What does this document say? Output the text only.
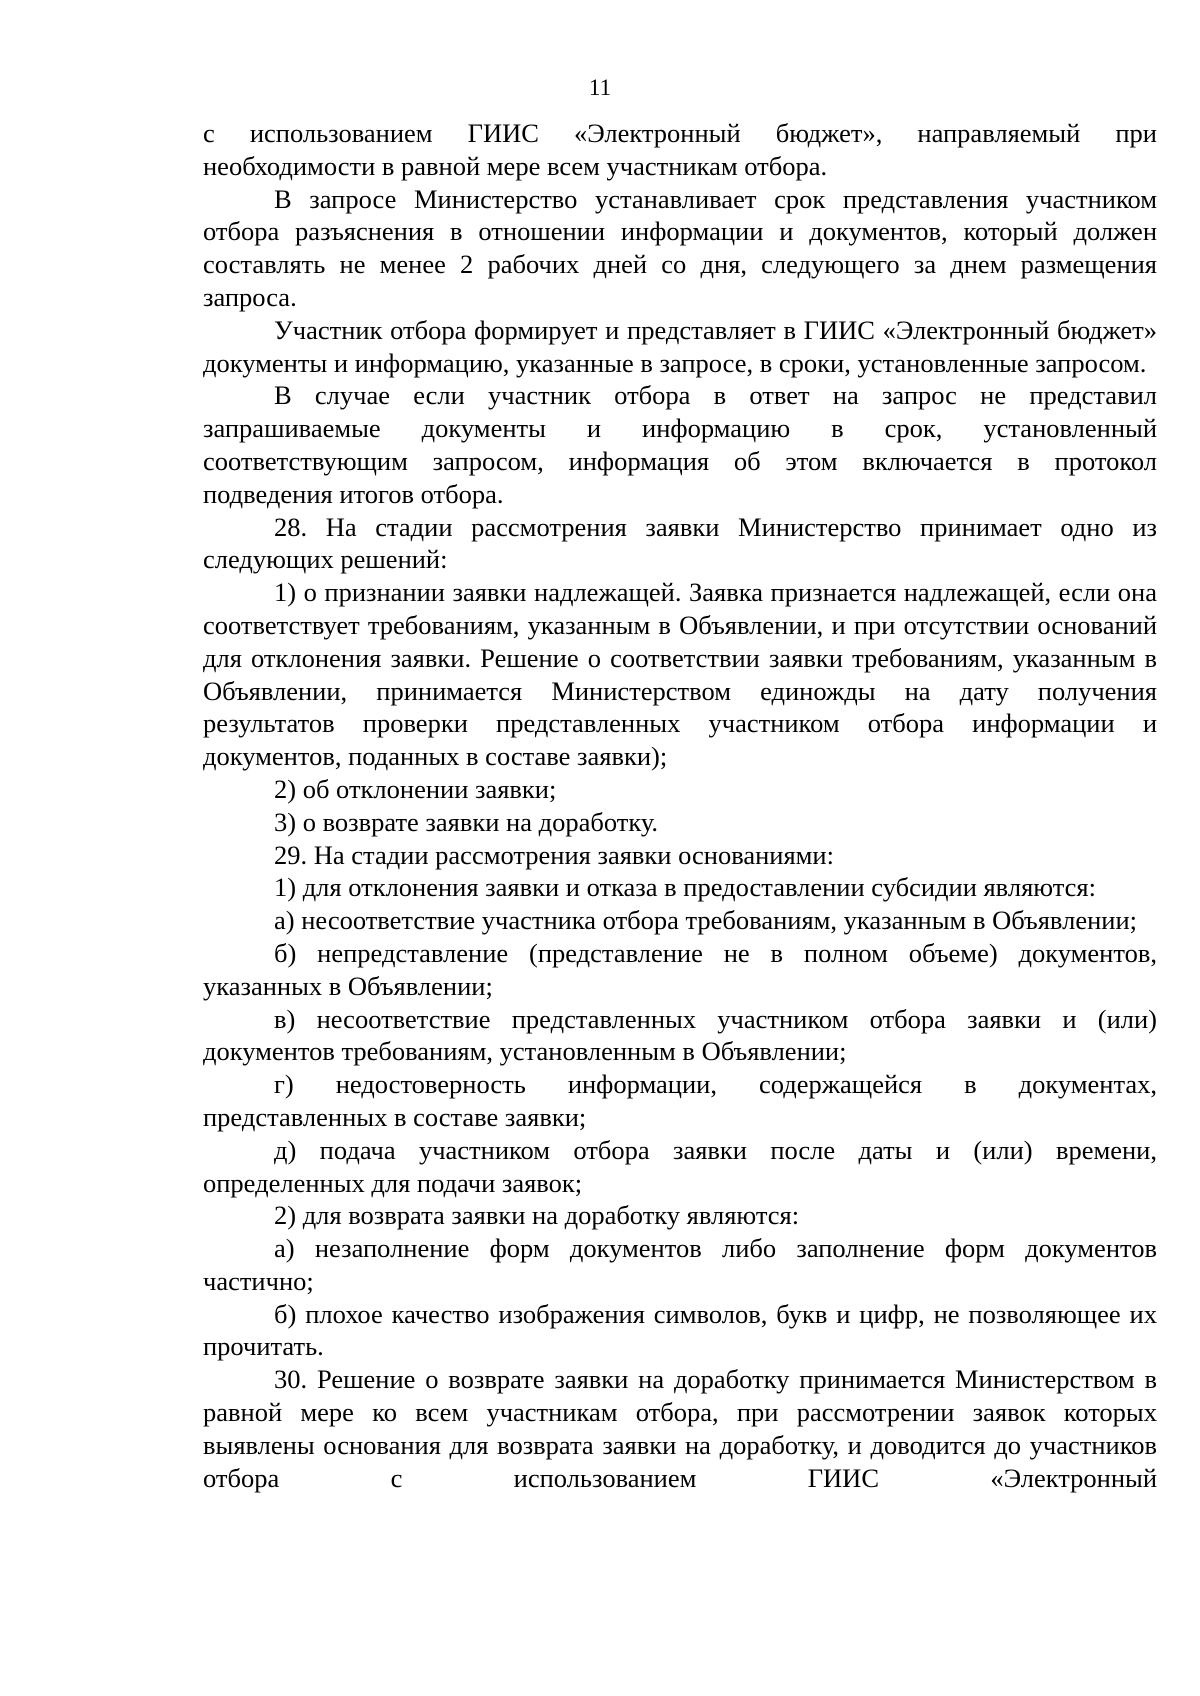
11

с использованием ГИИС «Электронный бюджет», направляемый при необходимости в равной мере всем участникам отбора.

В запросе Министерство устанавливает срок представления участником отбора разъяснения в отношении информации и документов, который должен составлять не менее 2 рабочих дней со дня, следующего за днем размещения запроса.

Участник отбора формирует и представляет в ГИИС «Электронный бюджет» документы и информацию, указанные в запросе, в сроки, установленные запросом.

В случае если участник отбора в ответ на запрос не представил запрашиваемые документы и информацию в срок, установленный соответствующим запросом, информация об этом включается в протокол подведения итогов отбора.

28. На стадии рассмотрения заявки Министерство принимает одно из следующих решений:

1) о признании заявки надлежащей. Заявка признается надлежащей, если она соответствует требованиям, указанным в Объявлении, и при отсутствии оснований для отклонения заявки. Решение о соответствии заявки требованиям, указанным в Объявлении, принимается Министерством единожды на дату получения результатов проверки представленных участником отбора информации и документов, поданных в составе заявки);

2) об отклонении заявки;

3) о возврате заявки на доработку.

29. На стадии рассмотрения заявки основаниями:

1) для отклонения заявки и отказа в предоставлении субсидии являются:

а) несоответствие участника отбора требованиям, указанным в Объявлении;

б) непредставление (представление не в полном объеме) документов, указанных в Объявлении;

в) несоответствие представленных участником отбора заявки и (или) документов требованиям, установленным в Объявлении;

г) недостоверность информации, содержащейся в документах, представленных в составе заявки;

д) подача участником отбора заявки после даты и (или) времени, определенных для подачи заявок;

2) для возврата заявки на доработку являются:

а) незаполнение форм документов либо заполнение форм документов частично;

б) плохое качество изображения символов, букв и цифр, не позволяющее их прочитать.

30. Решение о возврате заявки на доработку принимается Министерством в равной мере ко всем участникам отбора, при рассмотрении заявок которых выявлены основания для возврата заявки на доработку, и доводится до участников отбора с использованием ГИИС «Электронный
